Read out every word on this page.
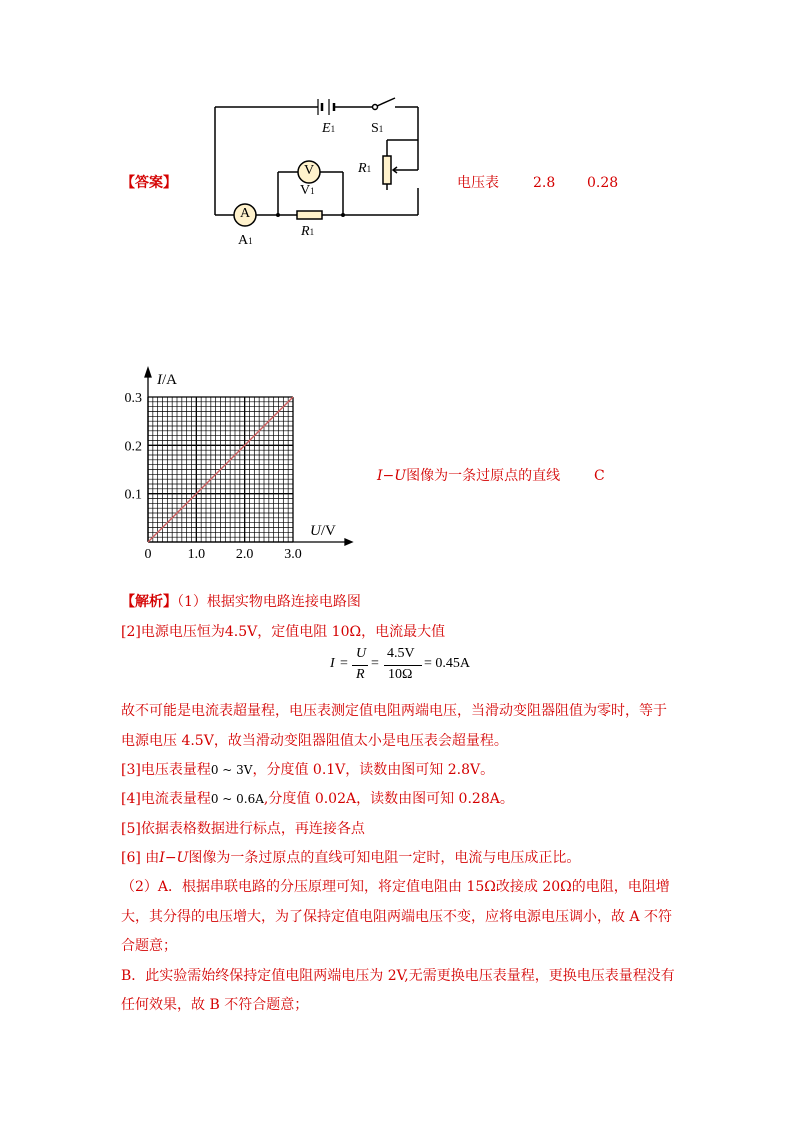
【答案】	电压表 2.8 0.28
A
V
E1	S1
R1
V1
A1
R1
0	1.0 2.0 3.0
0.1
0.2
0.3
I/A
U/V
I−U图像为一条过原点的直线 C
【解析】（1）根据实物电路连接电路图
[2]电源电压恒为4.5V，定值电阻 10Ω，电流最大值
I =
U
R
=
4.5V
10Ω
= 0.45A
故不可能是电流表超量程，电压表测定值电阻两端电压，当滑动变阻器阻值为零时，等于
电源电压 4.5V，故当滑动变阻器阻值太小是电压表会超量程。
[3]电压表量程0 ~ 3V，分度值 0.1V，读数由图可知 2.8V。
[4]电流表量程0 ~ 0.6A,分度值 0.02A，读数由图可知 0.28A。
[5]依据表格数据进行标点，再连接各点
[6] 由I−U图像为一条过原点的直线可知电阻一定时，电流与电压成正比。
（2）A．根据串联电路的分压原理可知，将定值电阻由 15Ω改接成 20Ω的电阻，电阻增
大，其分得的电压增大，为了保持定值电阻两端电压不变，应将电源电压调小，故 A 不符
合题意；
B．此实验需始终保持定值电阻两端电压为 2V,无需更换电压表量程，更换电压表量程没有
任何效果，故 B 不符合题意；
